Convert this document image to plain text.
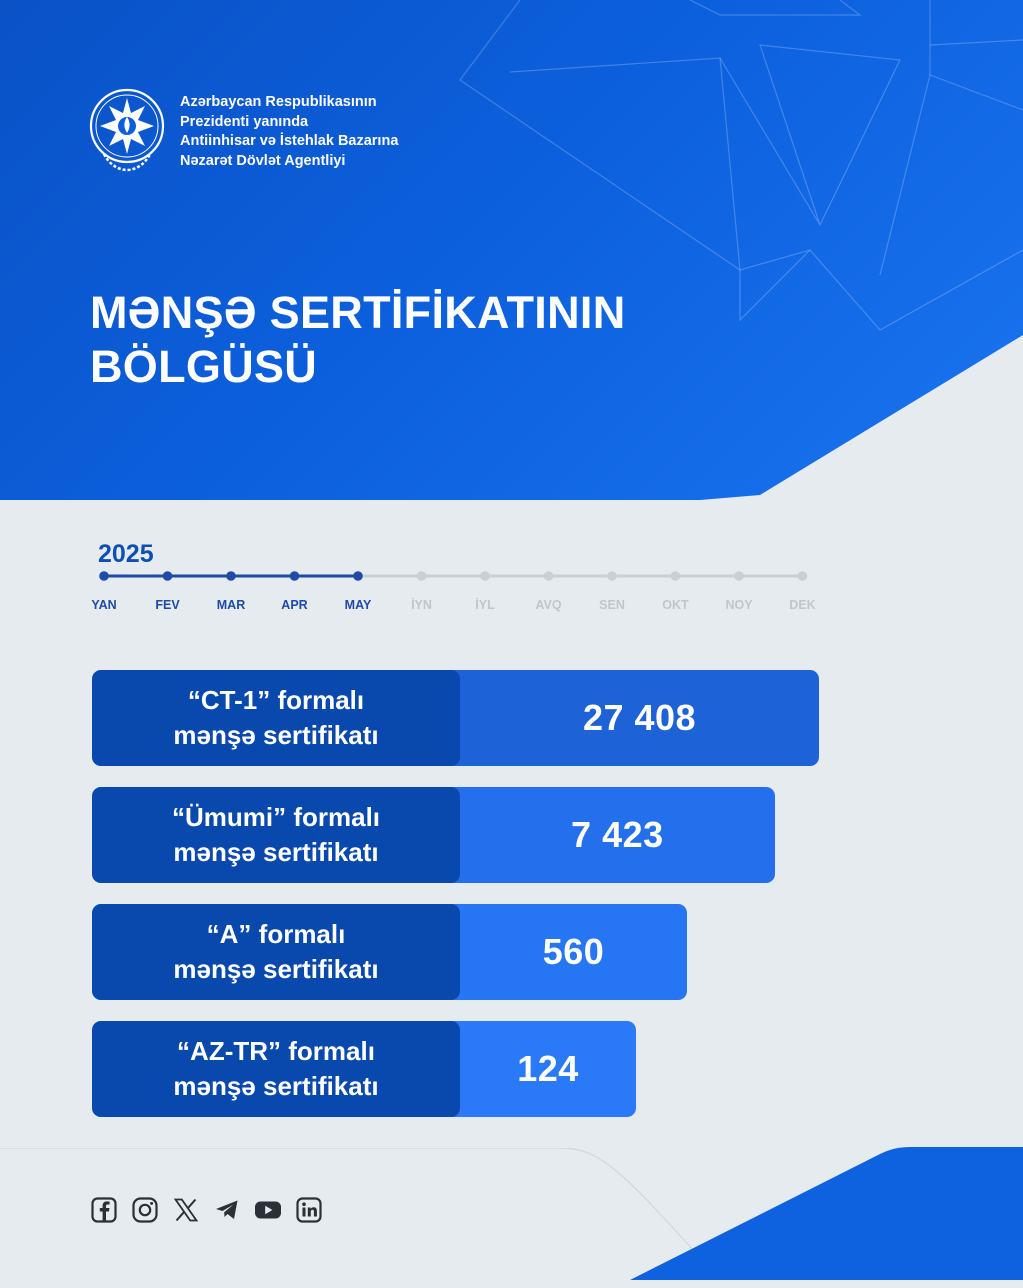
Azərbaycan Respublikasının
Prezidenti yanında
Antiinhisar və İstehlak Bazarına
Nəzarət Dövlət Agentliyi
MƏNŞƏ SERTİFİKATININ
BÖLGÜSÜ
2025
YAN	FEV	MAR	APR	MAY	İYN	İYL	AVQ	SEN	OKT	NOY	DEK
“CT-1” formalı
mənşə sertifikatı	27 408
“Ümumi” formalı
mənşə sertifikatı	7 423
“A” formalı
mənşə sertifikatı	560
“AZ-TR” formalı
mənşə sertifikatı	124
